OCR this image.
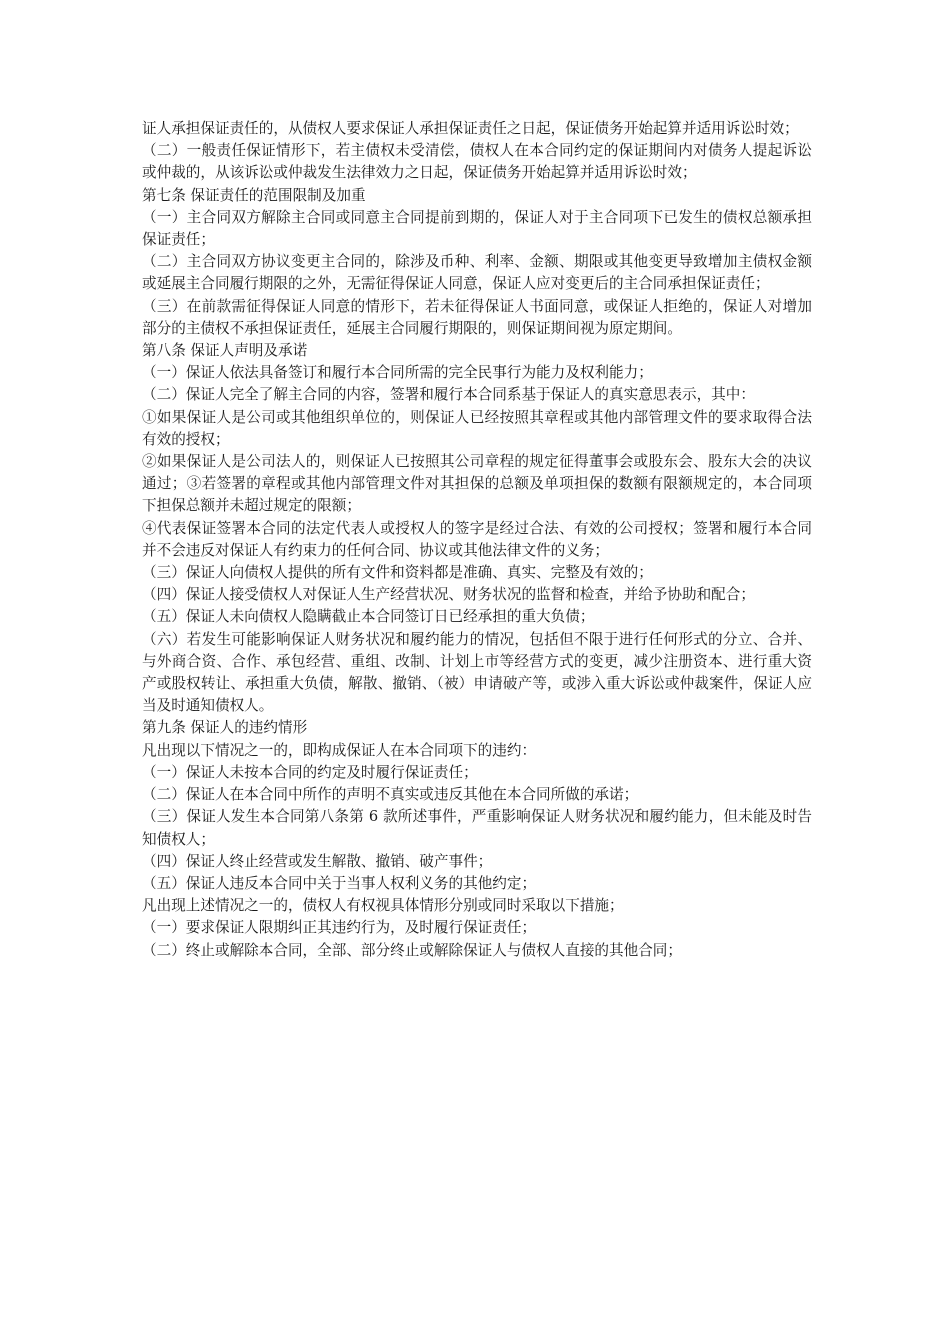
证人承担保证责任的，从债权人要求保证人承担保证责任之日起，保证债务开始起算并适用诉讼时效；

（二）一般责任保证情形下，若主债权未受清偿，债权人在本合同约定的保证期间内对债务人提起诉讼或仲裁的，从该诉讼或仲裁发生法律效力之日起，保证债务开始起算并适用诉讼时效；

第七条 保证责任的范围限制及加重

（一）主合同双方解除主合同或同意主合同提前到期的，保证人对于主合同项下已发生的债权总额承担保证责任；

（二）主合同双方协议变更主合同的，除涉及币种、利率、金额、期限或其他变更导致增加主债权金额或延展主合同履行期限的之外，无需征得保证人同意，保证人应对变更后的主合同承担保证责任；

（三）在前款需征得保证人同意的情形下，若未征得保证人书面同意，或保证人拒绝的，保证人对增加部分的主债权不承担保证责任，延展主合同履行期限的，则保证期间视为原定期间。

第八条 保证人声明及承诺

（一）保证人依法具备签订和履行本合同所需的完全民事行为能力及权利能力；

（二）保证人完全了解主合同的内容，签署和履行本合同系基于保证人的真实意思表示，其中：

①如果保证人是公司或其他组织单位的，则保证人已经按照其章程或其他内部管理文件的要求取得合法有效的授权；

②如果保证人是公司法人的，则保证人已按照其公司章程的规定征得董事会或股东会、股东大会的决议通过；③若签署的章程或其他内部管理文件对其担保的总额及单项担保的数额有限额规定的，本合同项下担保总额并未超过规定的限额；

④代表保证签署本合同的法定代表人或授权人的签字是经过合法、有效的公司授权；签署和履行本合同并不会违反对保证人有约束力的任何合同、协议或其他法律文件的义务；

（三）保证人向债权人提供的所有文件和资料都是准确、真实、完整及有效的；

（四）保证人接受债权人对保证人生产经营状况、财务状况的监督和检查，并给予协助和配合；

（五）保证人未向债权人隐瞒截止本合同签订日已经承担的重大负债；

（六）若发生可能影响保证人财务状况和履约能力的情况，包括但不限于进行任何形式的分立、合并、与外商合资、合作、承包经营、重组、改制、计划上市等经营方式的变更，减少注册资本、进行重大资产或股权转让、承担重大负债，解散、撤销、（被）申请破产等，或涉入重大诉讼或仲裁案件，保证人应当及时通知债权人。

第九条 保证人的违约情形

凡出现以下情况之一的，即构成保证人在本合同项下的违约：

（一）保证人未按本合同的约定及时履行保证责任；

（二）保证人在本合同中所作的声明不真实或违反其他在本合同所做的承诺；

（三）保证人发生本合同第八条第 6 款所述事件，严重影响保证人财务状况和履约能力，但未能及时告知债权人；

（四）保证人终止经营或发生解散、撤销、破产事件；

（五）保证人违反本合同中关于当事人权利义务的其他约定；

凡出现上述情况之一的，债权人有权视具体情形分别或同时采取以下措施；

（一）要求保证人限期纠正其违约行为，及时履行保证责任；

（二）终止或解除本合同，全部、部分终止或解除保证人与债权人直接的其他合同；
